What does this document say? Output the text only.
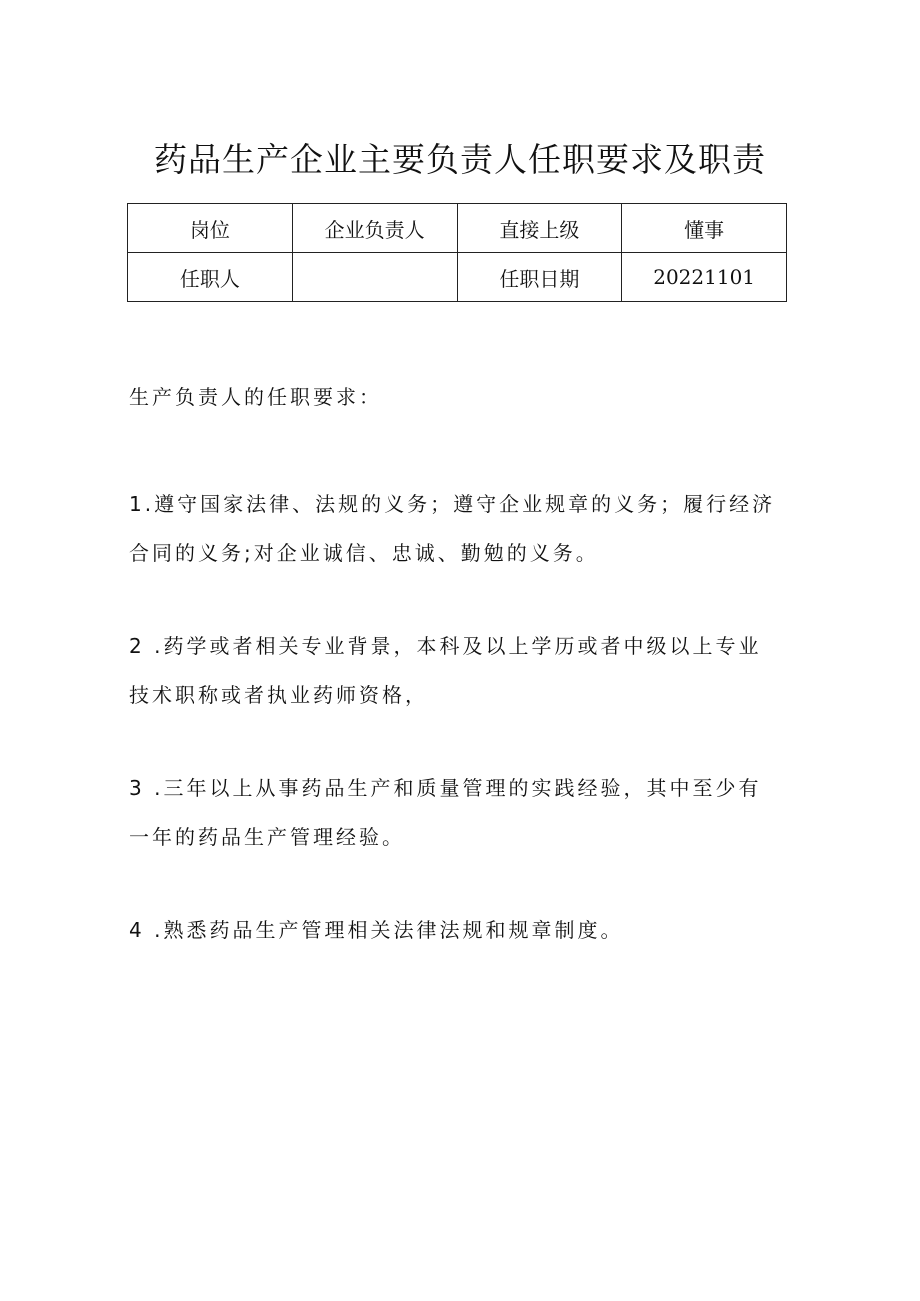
药品生产企业主要负责人任职要求及职责
岗位	企业负责人	直接上级	懂事
任职人		任职日期	20221101
生产负责人的任职要求：
1.遵守国家法律、法规的义务；遵守企业规章的义务；履行经济合同的义务;对企业诚信、忠诚、勤勉的义务。
2 .药学或者相关专业背景，本科及以上学历或者中级以上专业技术职称或者执业药师资格，
3 .三年以上从事药品生产和质量管理的实践经验，其中至少有一年的药品生产管理经验。
4 .熟悉药品生产管理相关法律法规和规章制度。
